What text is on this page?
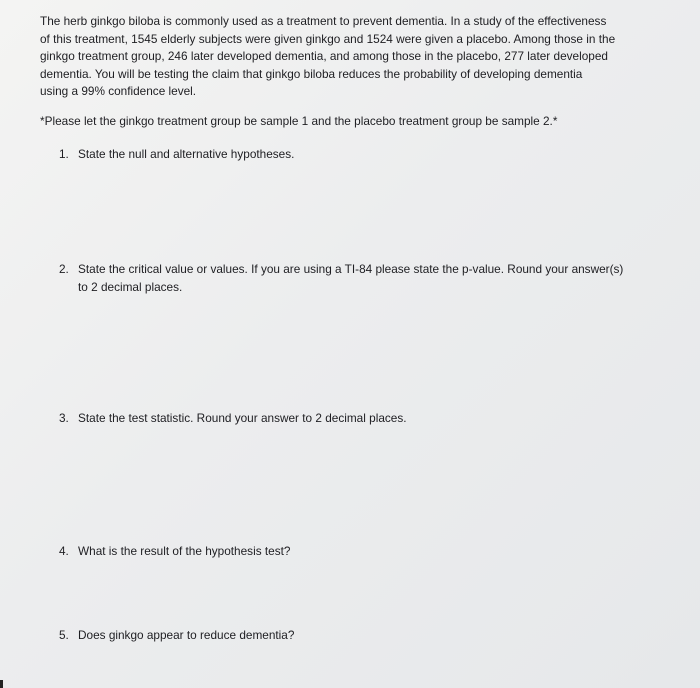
The herb ginkgo biloba is commonly used as a treatment to prevent dementia. In a study of the effectiveness
of this treatment, 1545 elderly subjects were given ginkgo and 1524 were given a placebo. Among those in the
ginkgo treatment group, 246 later developed dementia, and among those in the placebo, 277 later developed
dementia. You will be testing the claim that ginkgo biloba reduces the probability of developing dementia
using a 99% confidence level.
*Please let the ginkgo treatment group be sample 1 and the placebo treatment group be sample 2.*
1. State the null and alternative hypotheses.
2. State the critical value or values. If you are using a TI-84 please state the p-value. Round your answer(s)
to 2 decimal places.
3. State the test statistic. Round your answer to 2 decimal places.
4. What is the result of the hypothesis test?
5. Does ginkgo appear to reduce dementia?
